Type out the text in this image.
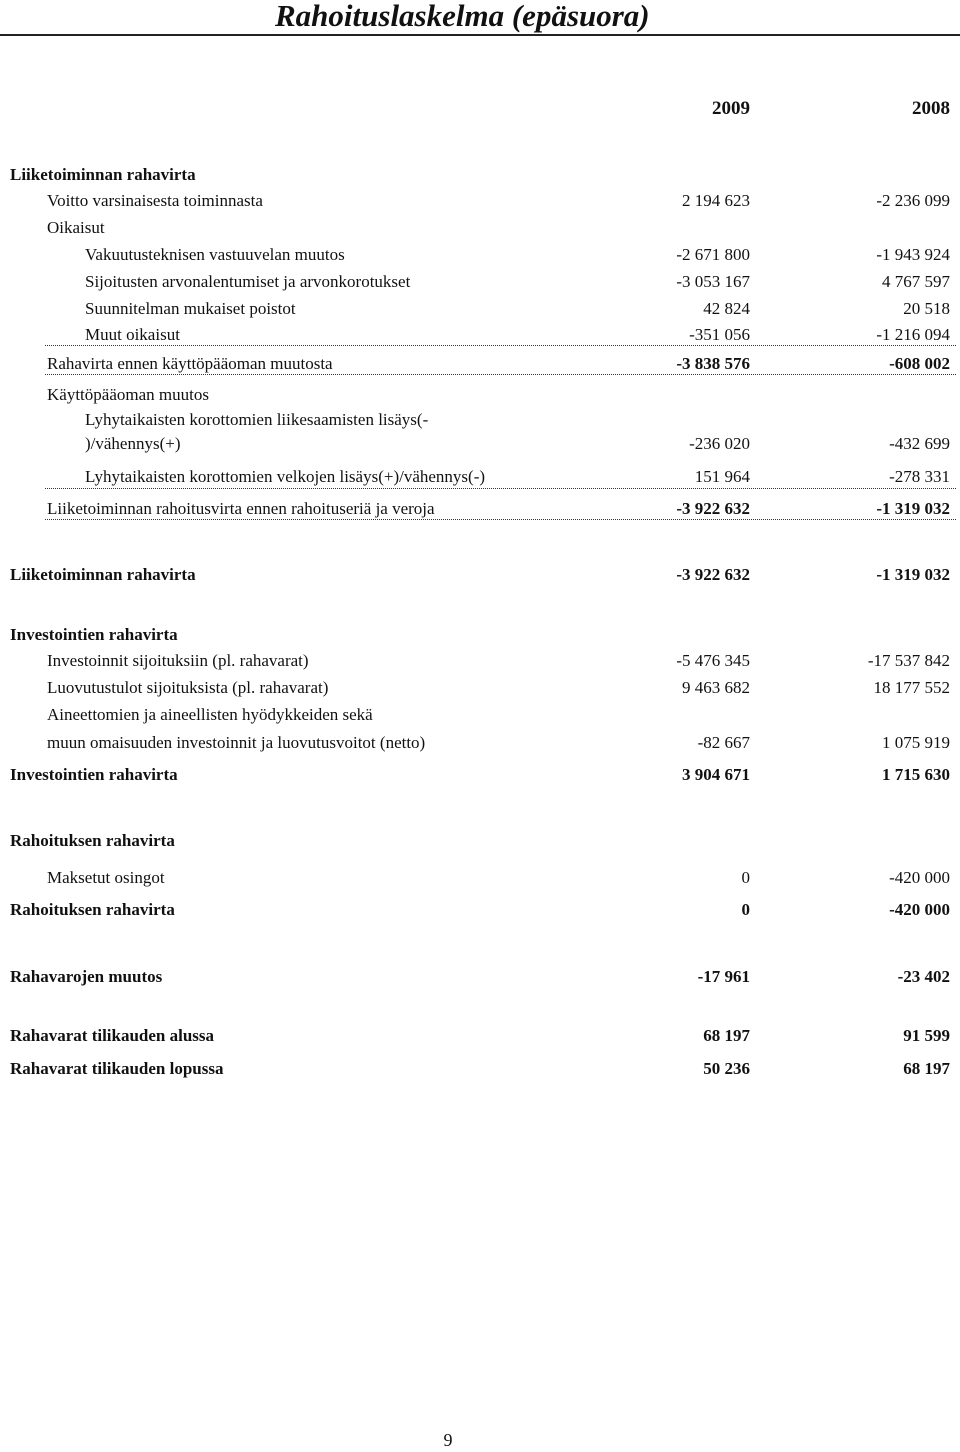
Rahoituslaskelma (epäsuora)
2009	2008
Liiketoiminnan rahavirta
Voitto varsinaisesta toiminnasta	2 194 623	-2 236 099
Oikaisut
Vakuutusteknisen vastuuvelan muutos	-2 671 800	-1 943 924
Sijoitusten arvonalentumiset ja arvonkorotukset	-3 053 167	4 767 597
Suunnitelman mukaiset poistot	42 824	20 518
Muut oikaisut	-351 056	-1 216 094
Rahavirta ennen käyttöpääoman muutosta	-3 838 576	-608 002
Käyttöpääoman muutos
Lyhytaikaisten korottomien liikesaamisten lisäys(-
)/vähennys(+)	-236 020	-432 699
Lyhytaikaisten korottomien velkojen lisäys(+)/vähennys(-)	151 964	-278 331
Liiketoiminnan rahoitusvirta ennen rahoituseriä ja veroja	-3 922 632	-1 319 032
Liiketoiminnan rahavirta	-3 922 632	-1 319 032
Investointien rahavirta
Investoinnit sijoituksiin (pl. rahavarat)	-5 476 345	-17 537 842
Luovutustulot sijoituksista (pl. rahavarat)	9 463 682	18 177 552
Aineettomien ja aineellisten hyödykkeiden sekä
muun omaisuuden investoinnit ja luovutusvoitot (netto)	-82 667	1 075 919
Investointien rahavirta	3 904 671	1 715 630
Rahoituksen rahavirta
Maksetut osingot	0	-420 000
Rahoituksen rahavirta	0	-420 000
Rahavarojen muutos	-17 961	-23 402
Rahavarat tilikauden alussa	68 197	91 599
Rahavarat tilikauden lopussa	50 236	68 197
9
